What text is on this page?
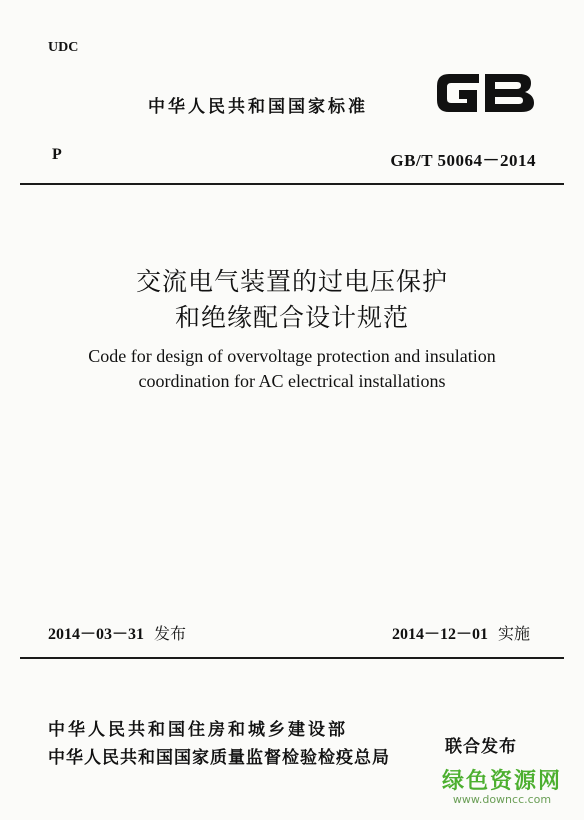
UDC
中华人民共和国国家标准
P	GB/T 50064－2014
交流电气装置的过电压保护
和绝缘配合设计规范
Code for design of overvoltage protection and insulation
coordination for AC electrical installations
2014－03－31 发布	2014－12－01 实施
中华人民共和国住房和城乡建设部
中华人民共和国国家质量监督检验检疫总局
联合发布
绿色资源网
www.downcc.com
